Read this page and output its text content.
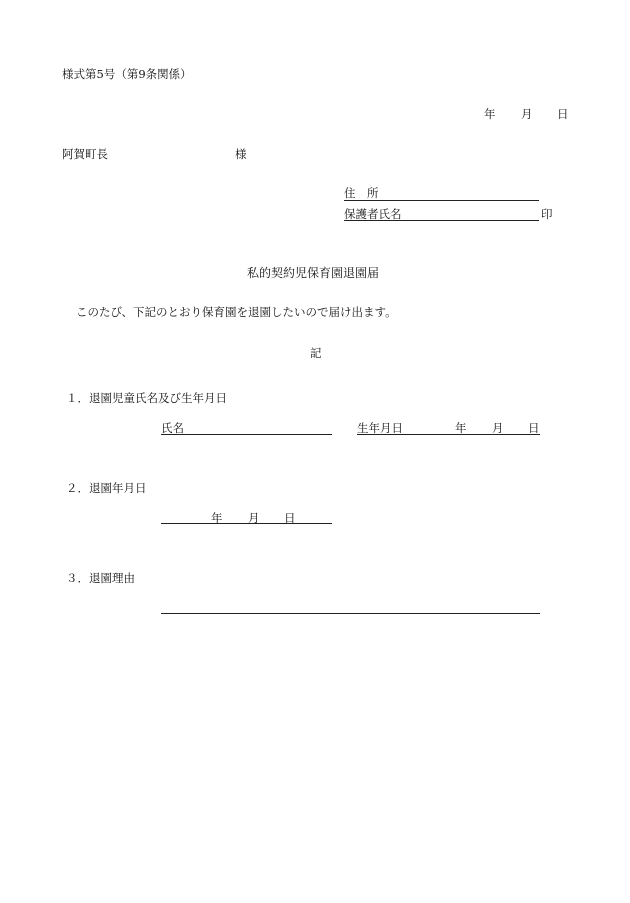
様式第5号（第9条関係）
年 月 日
阿賀町長	様
住　所
保護者氏名	印
私的契約児保育園退園届
このたび、下記のとおり保育園を退園したいので届け出ます。
記
１．退園児童氏名及び生年月日
氏名	生年月日	年 月 日
２．退園年月日
年 月 日
３．退園理由
